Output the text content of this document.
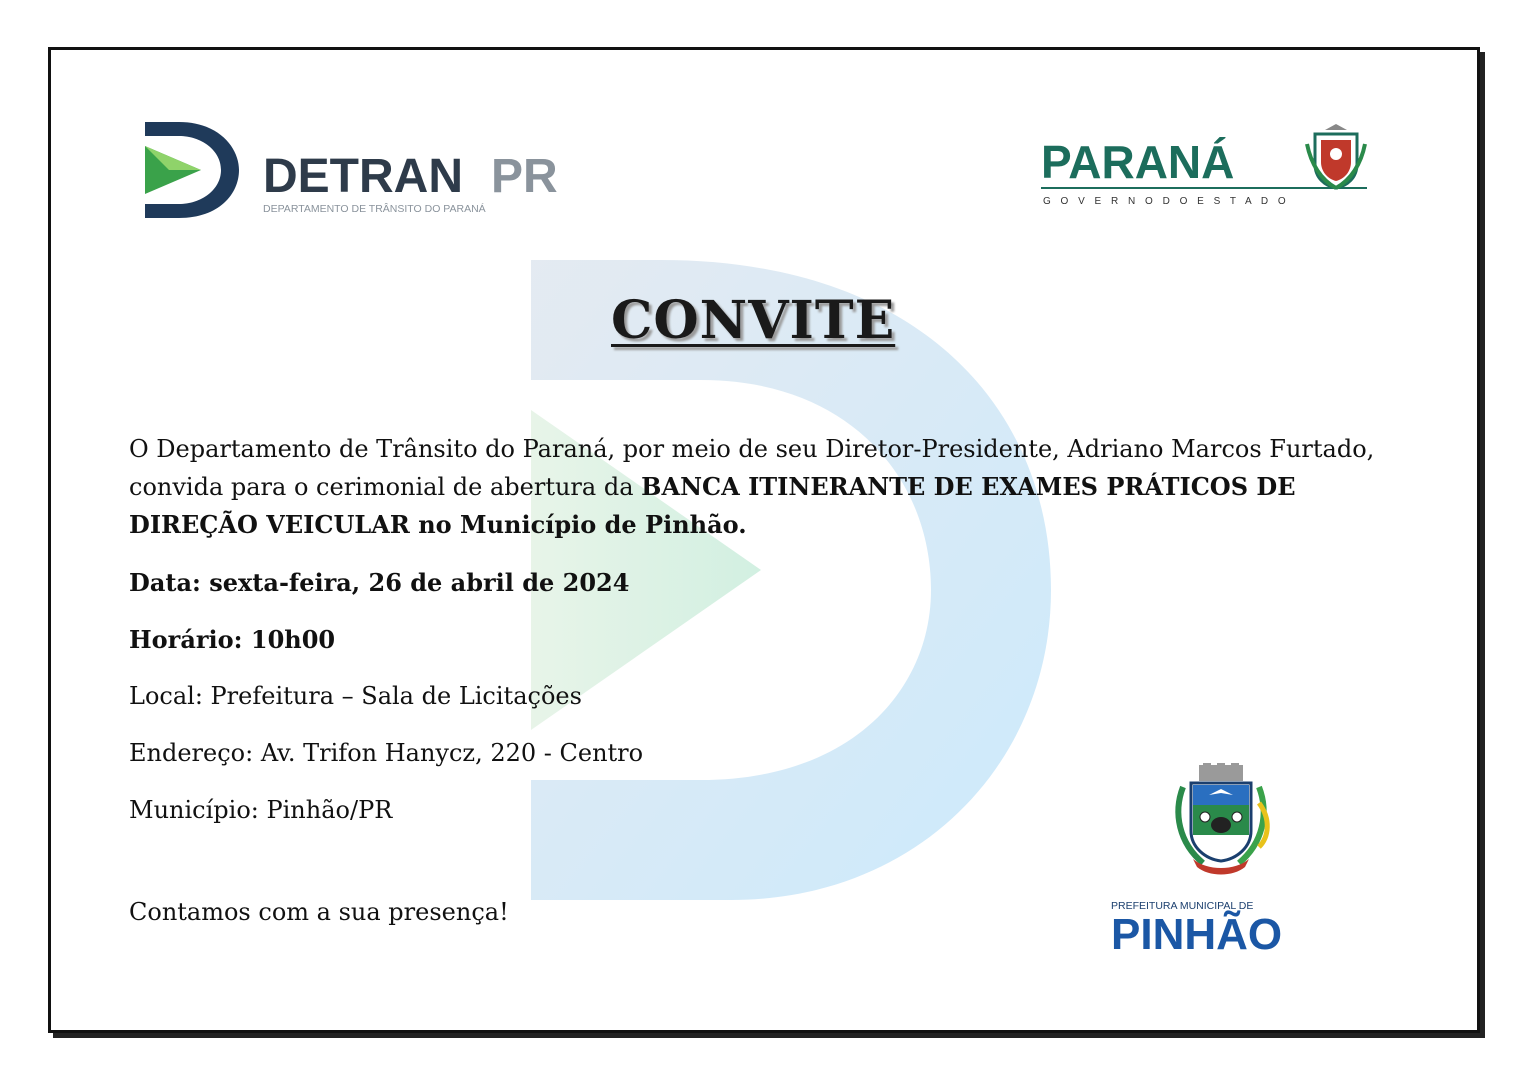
DETRAN PR
DEPARTAMENTO DE TRÂNSITO DO PARANÁ
PARANÁ
G O V E R N O D O E S T A D O
CONVITE

O Departamento de Trânsito do Paraná, por meio de seu Diretor-Presidente, Adriano Marcos Furtado, convida para o cerimonial de abertura da BANCA ITINERANTE DE EXAMES PRÁTICOS DE DIREÇÃO VEICULAR no Município de Pinhão.

Data: sexta-feira, 26 de abril de 2024
Horário: 10h00
Local: Prefeitura – Sala de Licitações
Endereço: Av. Trifon Hanycz, 220 - Centro
Município: Pinhão/PR
Contamos com a sua presença!	PREFEITURA MUNICIPAL DE
PINHÃO
